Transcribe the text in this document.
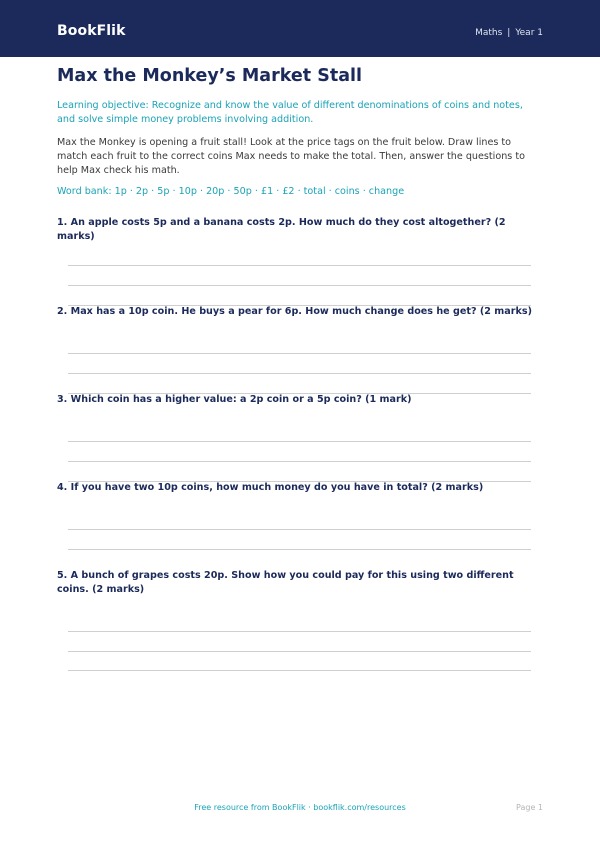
BookFlik	Maths | Year 1
Max the Monkey’s Market Stall
Learning objective: Recognize and know the value of different denominations of coins and notes, and solve simple money problems involving addition.
Max the Monkey is opening a fruit stall! Look at the price tags on the fruit below. Draw lines to match each fruit to the correct coins Max needs to make the total. Then, answer the questions to help Max check his math.
Word bank: 1p · 2p · 5p · 10p · 20p · 50p · £1 · £2 · total · coins · change

1. An apple costs 5p and a banana costs 2p. How much do they cost altogether? (2 marks)

2. Max has a 10p coin. He buys a pear for 6p. How much change does he get? (2 marks)

3. Which coin has a higher value: a 2p coin or a 5p coin? (1 mark)

4. If you have two 10p coins, how much money do you have in total? (2 marks)

5. A bunch of grapes costs 20p. Show how you could pay for this using two different coins. (2 marks)

Free resource from BookFlik · bookflik.com/resources	Page 1
